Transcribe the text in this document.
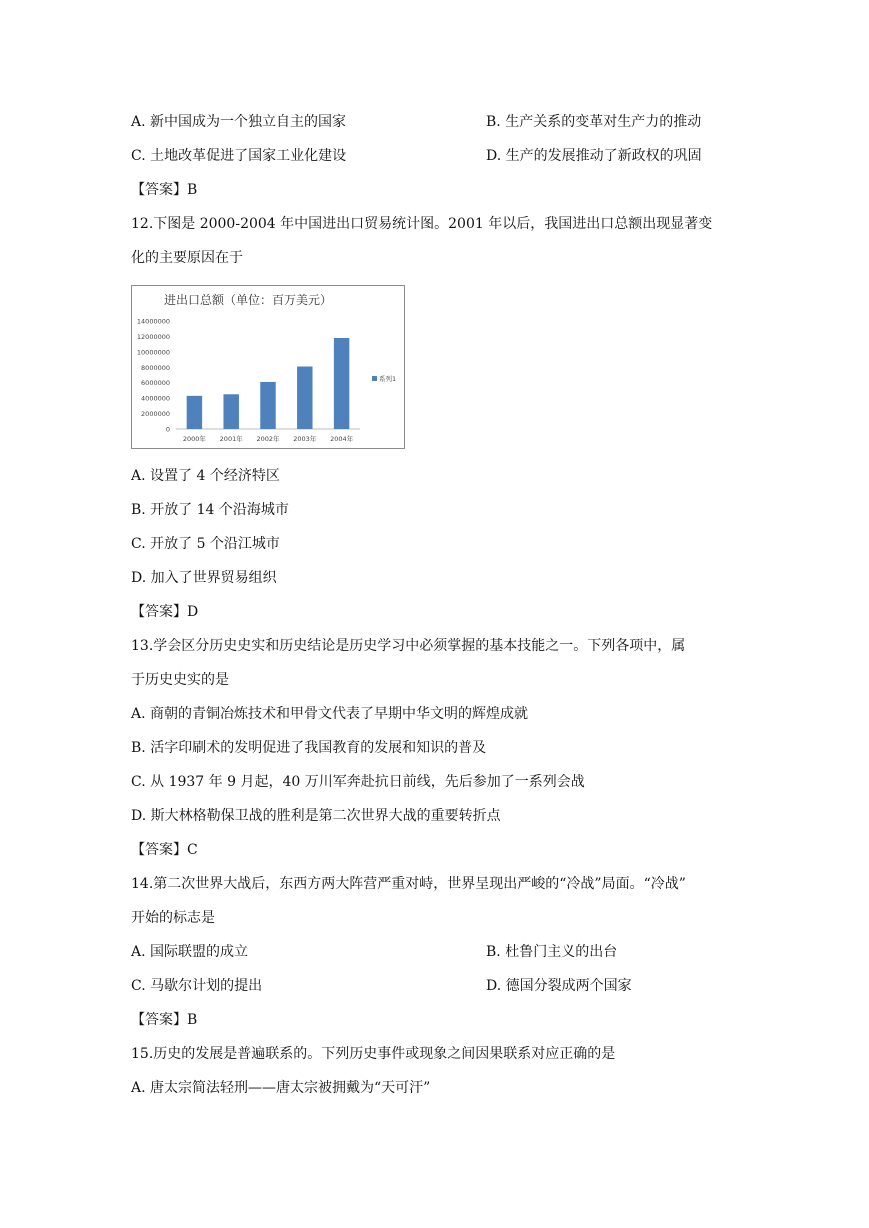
A. 新中国成为一个独立自主的国家	B. 生产关系的变革对生产力的推动
C. 土地改革促进了国家工业化建设	D. 生产的发展推动了新政权的巩固
【答案】B
12.下图是 2000-2004 年中国进出口贸易统计图。2001 年以后，我国进出口总额出现显著变
化的主要原因在于
进出口总额（单位：百万美元）
0
2000000
4000000
6000000
8000000
10000000
12000000
14000000
2000年 2001年 2002年 2003年 2004年
系列1
A. 设置了 4 个经济特区
B. 开放了 14 个沿海城市
C. 开放了 5 个沿江城市
D. 加入了世界贸易组织
【答案】D
13.学会区分历史史实和历史结论是历史学习中必须掌握的基本技能之一。下列各项中，属
于历史史实的是
A. 商朝的青铜冶炼技术和甲骨文代表了早期中华文明的辉煌成就
B. 活字印刷术的发明促进了我国教育的发展和知识的普及
C. 从 1937 年 9 月起，40 万川军奔赴抗日前线，先后参加了一系列会战
D. 斯大林格勒保卫战的胜利是第二次世界大战的重要转折点
【答案】C
14.第二次世界大战后，东西方两大阵营严重对峙，世界呈现出严峻的“冷战”局面。“冷战”
开始的标志是
A. 国际联盟的成立	B. 杜鲁门主义的出台
C. 马歇尔计划的提出	D. 德国分裂成两个国家
【答案】B
15.历史的发展是普遍联系的。下列历史事件或现象之间因果联系对应正确的是
A. 唐太宗简法轻刑——唐太宗被拥戴为“天可汗”
